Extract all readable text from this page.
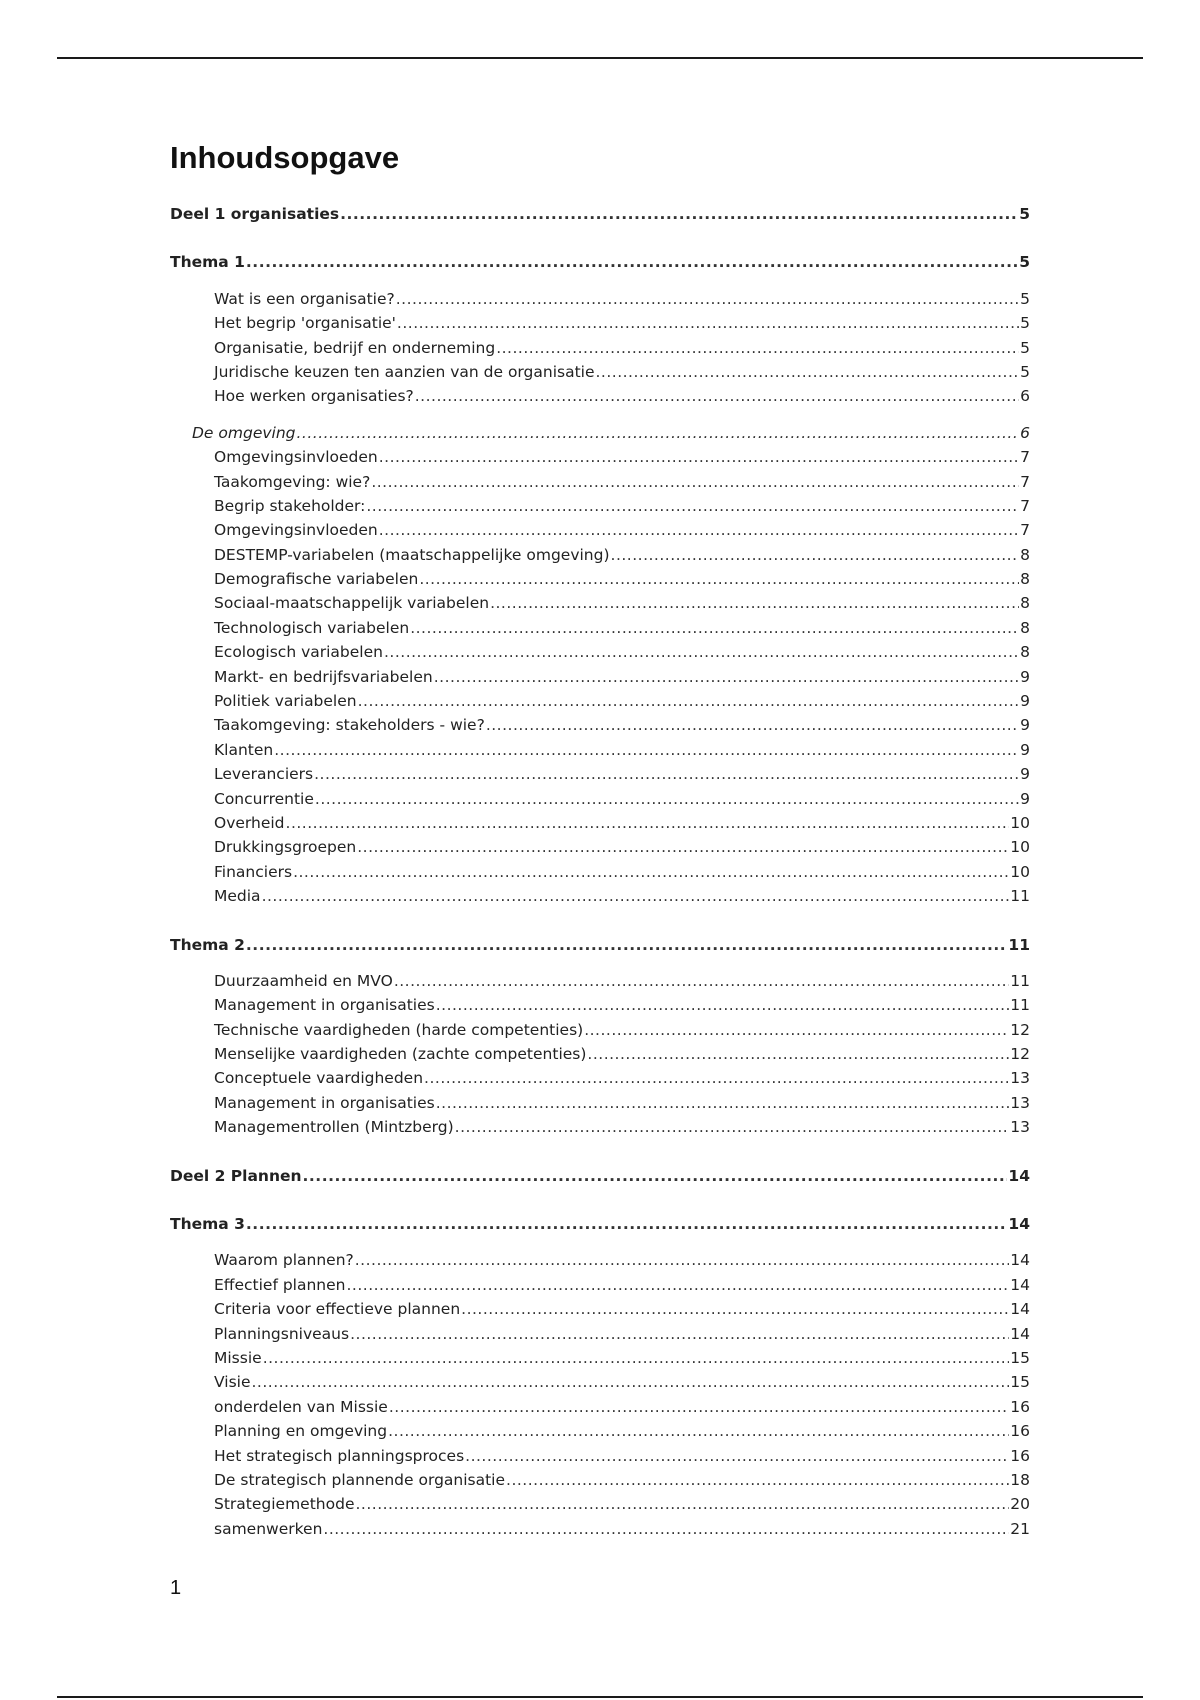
Inhoudsopgave
Deel 1 organisaties .....	5
Thema 1 .....	5
Wat is een organisatie? .....	5
Het begrip 'organisatie' .....	5
Organisatie, bedrijf en onderneming .....	5
Juridische keuzen ten aanzien van de organisatie .....	5
Hoe werken organisaties? .....	6
De omgeving .....	6
Omgevingsinvloeden .....	7
Taakomgeving: wie? .....	7
Begrip stakeholder: .....	7
Omgevingsinvloeden .....	7
DESTEMP-variabelen (maatschappelijke omgeving) .....	8
Demografische variabelen .....	8
Sociaal-maatschappelijk variabelen .....	8
Technologisch variabelen .....	8
Ecologisch variabelen .....	8
Markt- en bedrijfsvariabelen .....	9
Politiek variabelen .....	9
Taakomgeving: stakeholders - wie? .....	9
Klanten .....	9
Leveranciers .....	9
Concurrentie .....	9
Overheid .....	10
Drukkingsgroepen .....	10
Financiers .....	10
Media .....	11
Thema 2 .....	11
Duurzaamheid en MVO .....	11
Management in organisaties .....	11
Technische vaardigheden (harde competenties) .....	12
Menselijke vaardigheden (zachte competenties) .....	12
Conceptuele vaardigheden .....	13
Management in organisaties .....	13
Managementrollen (Mintzberg) .....	13
Deel 2 Plannen .....	14
Thema 3 .....	14
Waarom plannen? .....	14
Effectief plannen .....	14
Criteria voor effectieve plannen .....	14
Planningsniveaus .....	14
Missie .....	15
Visie .....	15
onderdelen van Missie .....	16
Planning en omgeving .....	16
Het strategisch planningsproces .....	16
De strategisch plannende organisatie .....	18
Strategiemethode .....	20
samenwerken .....	21
1
